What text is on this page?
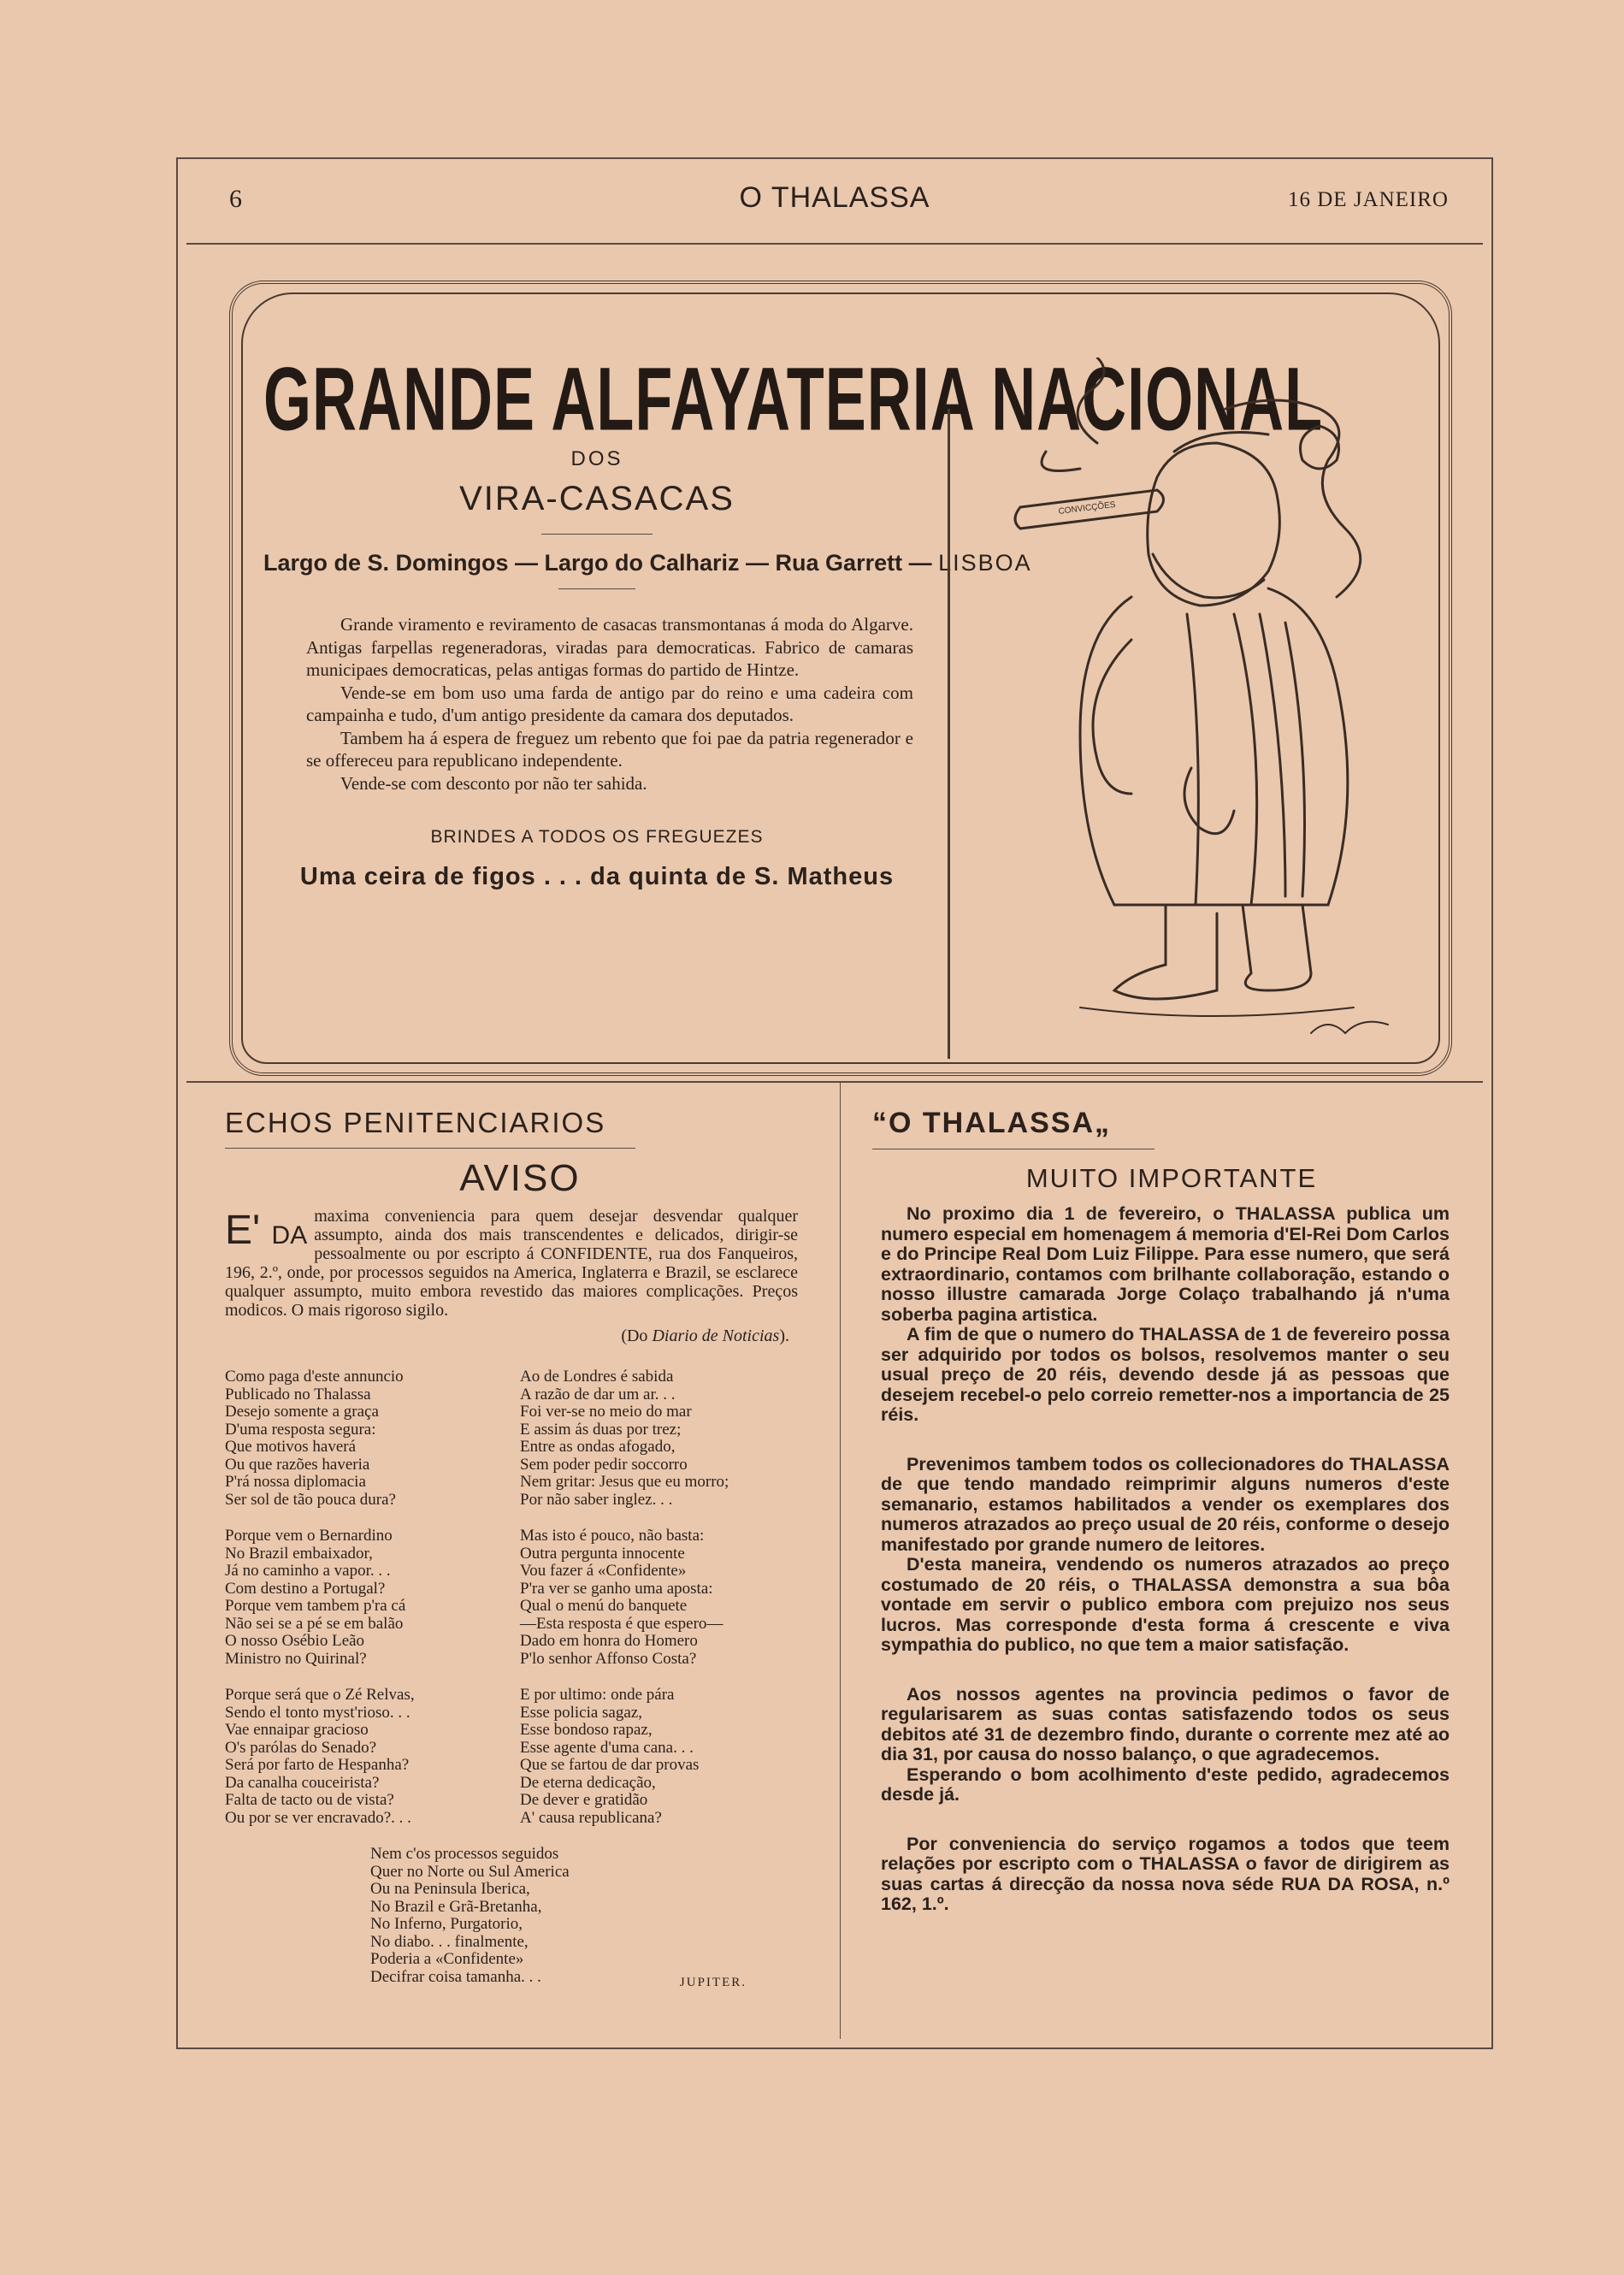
6	O THALASSA	16 DE JANEIRO
GRANDE ALFAYATERIA NACIONAL
DOS
VIRA-CASACAS
Largo de S. Domingos — Largo do Calhariz — Rua Garrett — LISBOA

Grande viramento e reviramento de casacas transmontanas á moda do Algarve. Antigas farpellas regeneradoras, viradas para democraticas. Fabrico de camaras municipaes democraticas, pelas antigas formas do partido de Hintze.

Vende-se em bom uso uma farda de antigo par do reino e uma cadeira com campainha e tudo, d'um antigo presidente da camara dos deputados.

Tambem ha á espera de freguez um rebento que foi pae da patria regenerador e se offereceu para republicano independente.

Vende-se com desconto por não ter sahida.

BRINDES A TODOS OS FREGUEZES
Uma ceira de figos . . . da quinta de S. Matheus
CONVICÇÕES
ECHOS PENITENCIARIOS
AVISO
E' DA
maxima conveniencia para quem desejar desvendar qualquer assumpto, ainda dos mais transcendentes e delicados, dirigir-se pessoalmente ou por escripto á CONFIDENTE, rua dos Fanqueiros, 196, 2.º, onde, por processos seguidos na America, Inglaterra e Brazil, se esclarece qualquer assumpto, muito embora revestido das maiores complicações. Preços modicos. O mais rigoroso sigilo.
(Do Diario de Noticias).
Como paga d'este annuncio
Publicado no Thalassa
Desejo somente a graça
D'uma resposta segura:
Que motivos haverá
Ou que razões haveria
P'rá nossa diplomacia
Ser sol de tão pouca dura?
Porque vem o Bernardino
No Brazil embaixador,
Já no caminho a vapor. . .
Com destino a Portugal?
Porque vem tambem p'ra cá
Não sei se a pé se em balão
O nosso Osébio Leão
Ministro no Quirinal?
Porque será que o Zé Relvas,
Sendo el tonto myst'rioso. . .
Vae ennaipar gracioso
O's parólas do Senado?
Será por farto de Hespanha?
Da canalha couceirista?
Falta de tacto ou de vista?
Ou por se ver encravado?. . .
Ao de Londres é sabida
A razão de dar um ar. . .
Foi ver-se no meio do mar
E assim ás duas por trez;
Entre as ondas afogado,
Sem poder pedir soccorro
Nem gritar: Jesus que eu morro;
Por não saber inglez. . .
Mas isto é pouco, não basta:
Outra pergunta innocente
Vou fazer á «Confidente»
P'ra ver se ganho uma aposta:
Qual o menú do banquete
—Esta resposta é que espero—
Dado em honra do Homero
P'lo senhor Affonso Costa?
E por ultimo: onde pára
Esse policia sagaz,
Esse bondoso rapaz,
Esse agente d'uma cana. . .
Que se fartou de dar provas
De eterna dedicação,
De dever e gratidão
A' causa republicana?
Nem c'os processos seguidos
Quer no Norte ou Sul America
Ou na Peninsula Iberica,
No Brazil e Grã-Bretanha,
No Inferno, Purgatorio,
No diabo. . . finalmente,
Poderia a «Confidente»
Decifrar coisa tamanha. . .	JUPITER.
“O THALASSA„
MUITO IMPORTANTE

No proximo dia 1 de fevereiro, o THALASSA publica um numero especial em homenagem á memoria d'El-Rei Dom Carlos e do Principe Real Dom Luiz Filippe. Para esse numero, que será extraordinario, contamos com brilhante collaboração, estando o nosso illustre camarada Jorge Colaço trabalhando já n'uma soberba pagina artistica.

A fim de que o numero do THALASSA de 1 de fevereiro possa ser adquirido por todos os bolsos, resolvemos manter o seu usual preço de 20 réis, devendo desde já as pessoas que desejem recebel-o pelo correio remetter-nos a importancia de 25 réis.

Prevenimos tambem todos os collecionadores do THALASSA de que tendo mandado reimprimir alguns numeros d'este semanario, estamos habilitados a vender os exemplares dos numeros atrazados ao preço usual de 20 réis, conforme o desejo manifestado por grande numero de leitores.

D'esta maneira, vendendo os numeros atrazados ao preço costumado de 20 réis, o THALASSA demonstra a sua bôa vontade em servir o publico embora com prejuizo nos seus lucros. Mas corresponde d'esta forma á crescente e viva sympathia do publico, no que tem a maior satisfação.

Aos nossos agentes na provincia pedimos o favor de regularisarem as suas contas satisfazendo todos os seus debitos até 31 de dezembro findo, durante o corrente mez até ao dia 31, por causa do nosso balanço, o que agradecemos.

Esperando o bom acolhimento d'este pedido, agradecemos desde já.

Por conveniencia do serviço rogamos a todos que teem relações por escripto com o THALASSA o favor de dirigirem as suas cartas á direcção da nossa nova séde RUA DA ROSA, n.º 162, 1.º.
